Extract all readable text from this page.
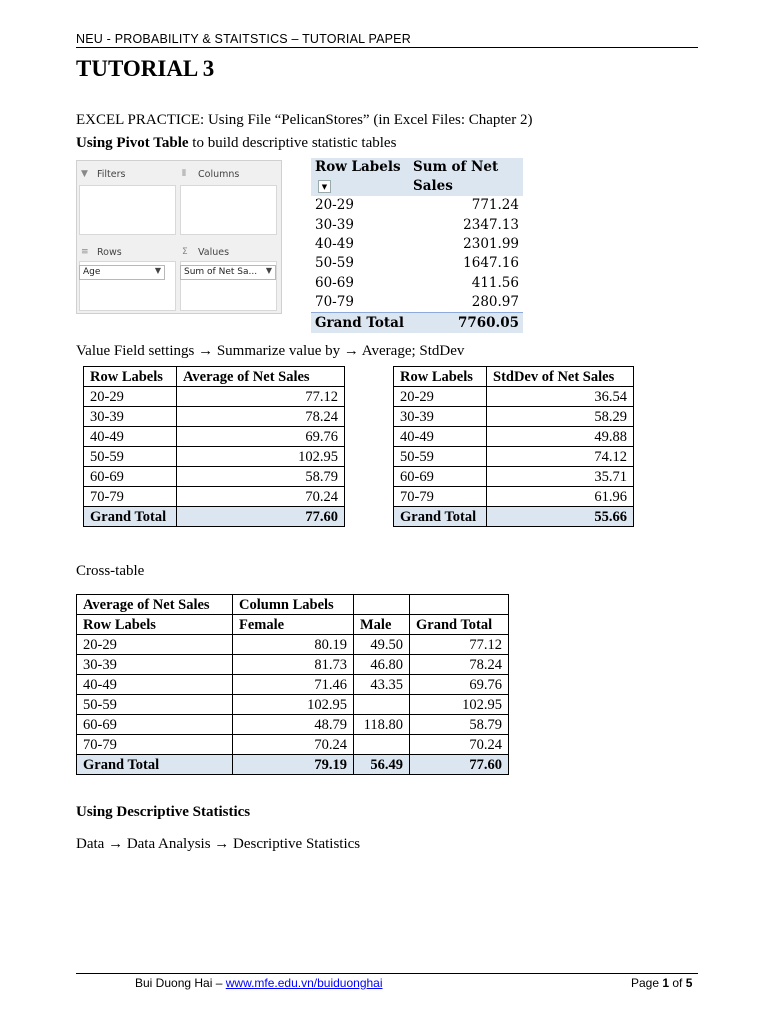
NEU - PROBABILITY & STAITSTICS – TUTORIAL PAPER
TUTORIAL 3
EXCEL PRACTICE: Using File “PelicanStores” (in Excel Files: Chapter 2)
Using Pivot Table to build descriptive statistic tables
▼ Filters	⦀ Columns
≡ Rows
Age	▼
Σ Values
Sum of Net Sa... ▼
Row Labels▼	Sum of Net Sales
20-29	771.24
30-39	2347.13
40-49	2301.99
50-59	1647.16
60-69	411.56
70-79	280.97
Grand Total	7760.05
Value Field settings → Summarize value by → Average; StdDev
Row Labels	Average of Net Sales
20-29	77.12
30-39	78.24
40-49	69.76
50-59	102.95
60-69	58.79
70-79	70.24
Grand Total	77.60
Row Labels	StdDev of Net Sales
20-29	36.54
30-39	58.29
40-49	49.88
50-59	74.12
60-69	35.71
70-79	61.96
Grand Total	55.66
Cross-table
Average of Net Sales	Column Labels		
Row Labels	Female	Male	Grand Total
20-29	80.19	49.50	77.12
30-39	81.73	46.80	78.24
40-49	71.46	43.35	69.76
50-59	102.95		102.95
60-69	48.79	118.80	58.79
70-79	70.24		70.24
Grand Total	79.19	56.49	77.60
Using Descriptive Statistics
Data → Data Analysis → Descriptive Statistics
Bui Duong Hai – www.mfe.edu.vn/buiduonghai	Page 1 of 5
